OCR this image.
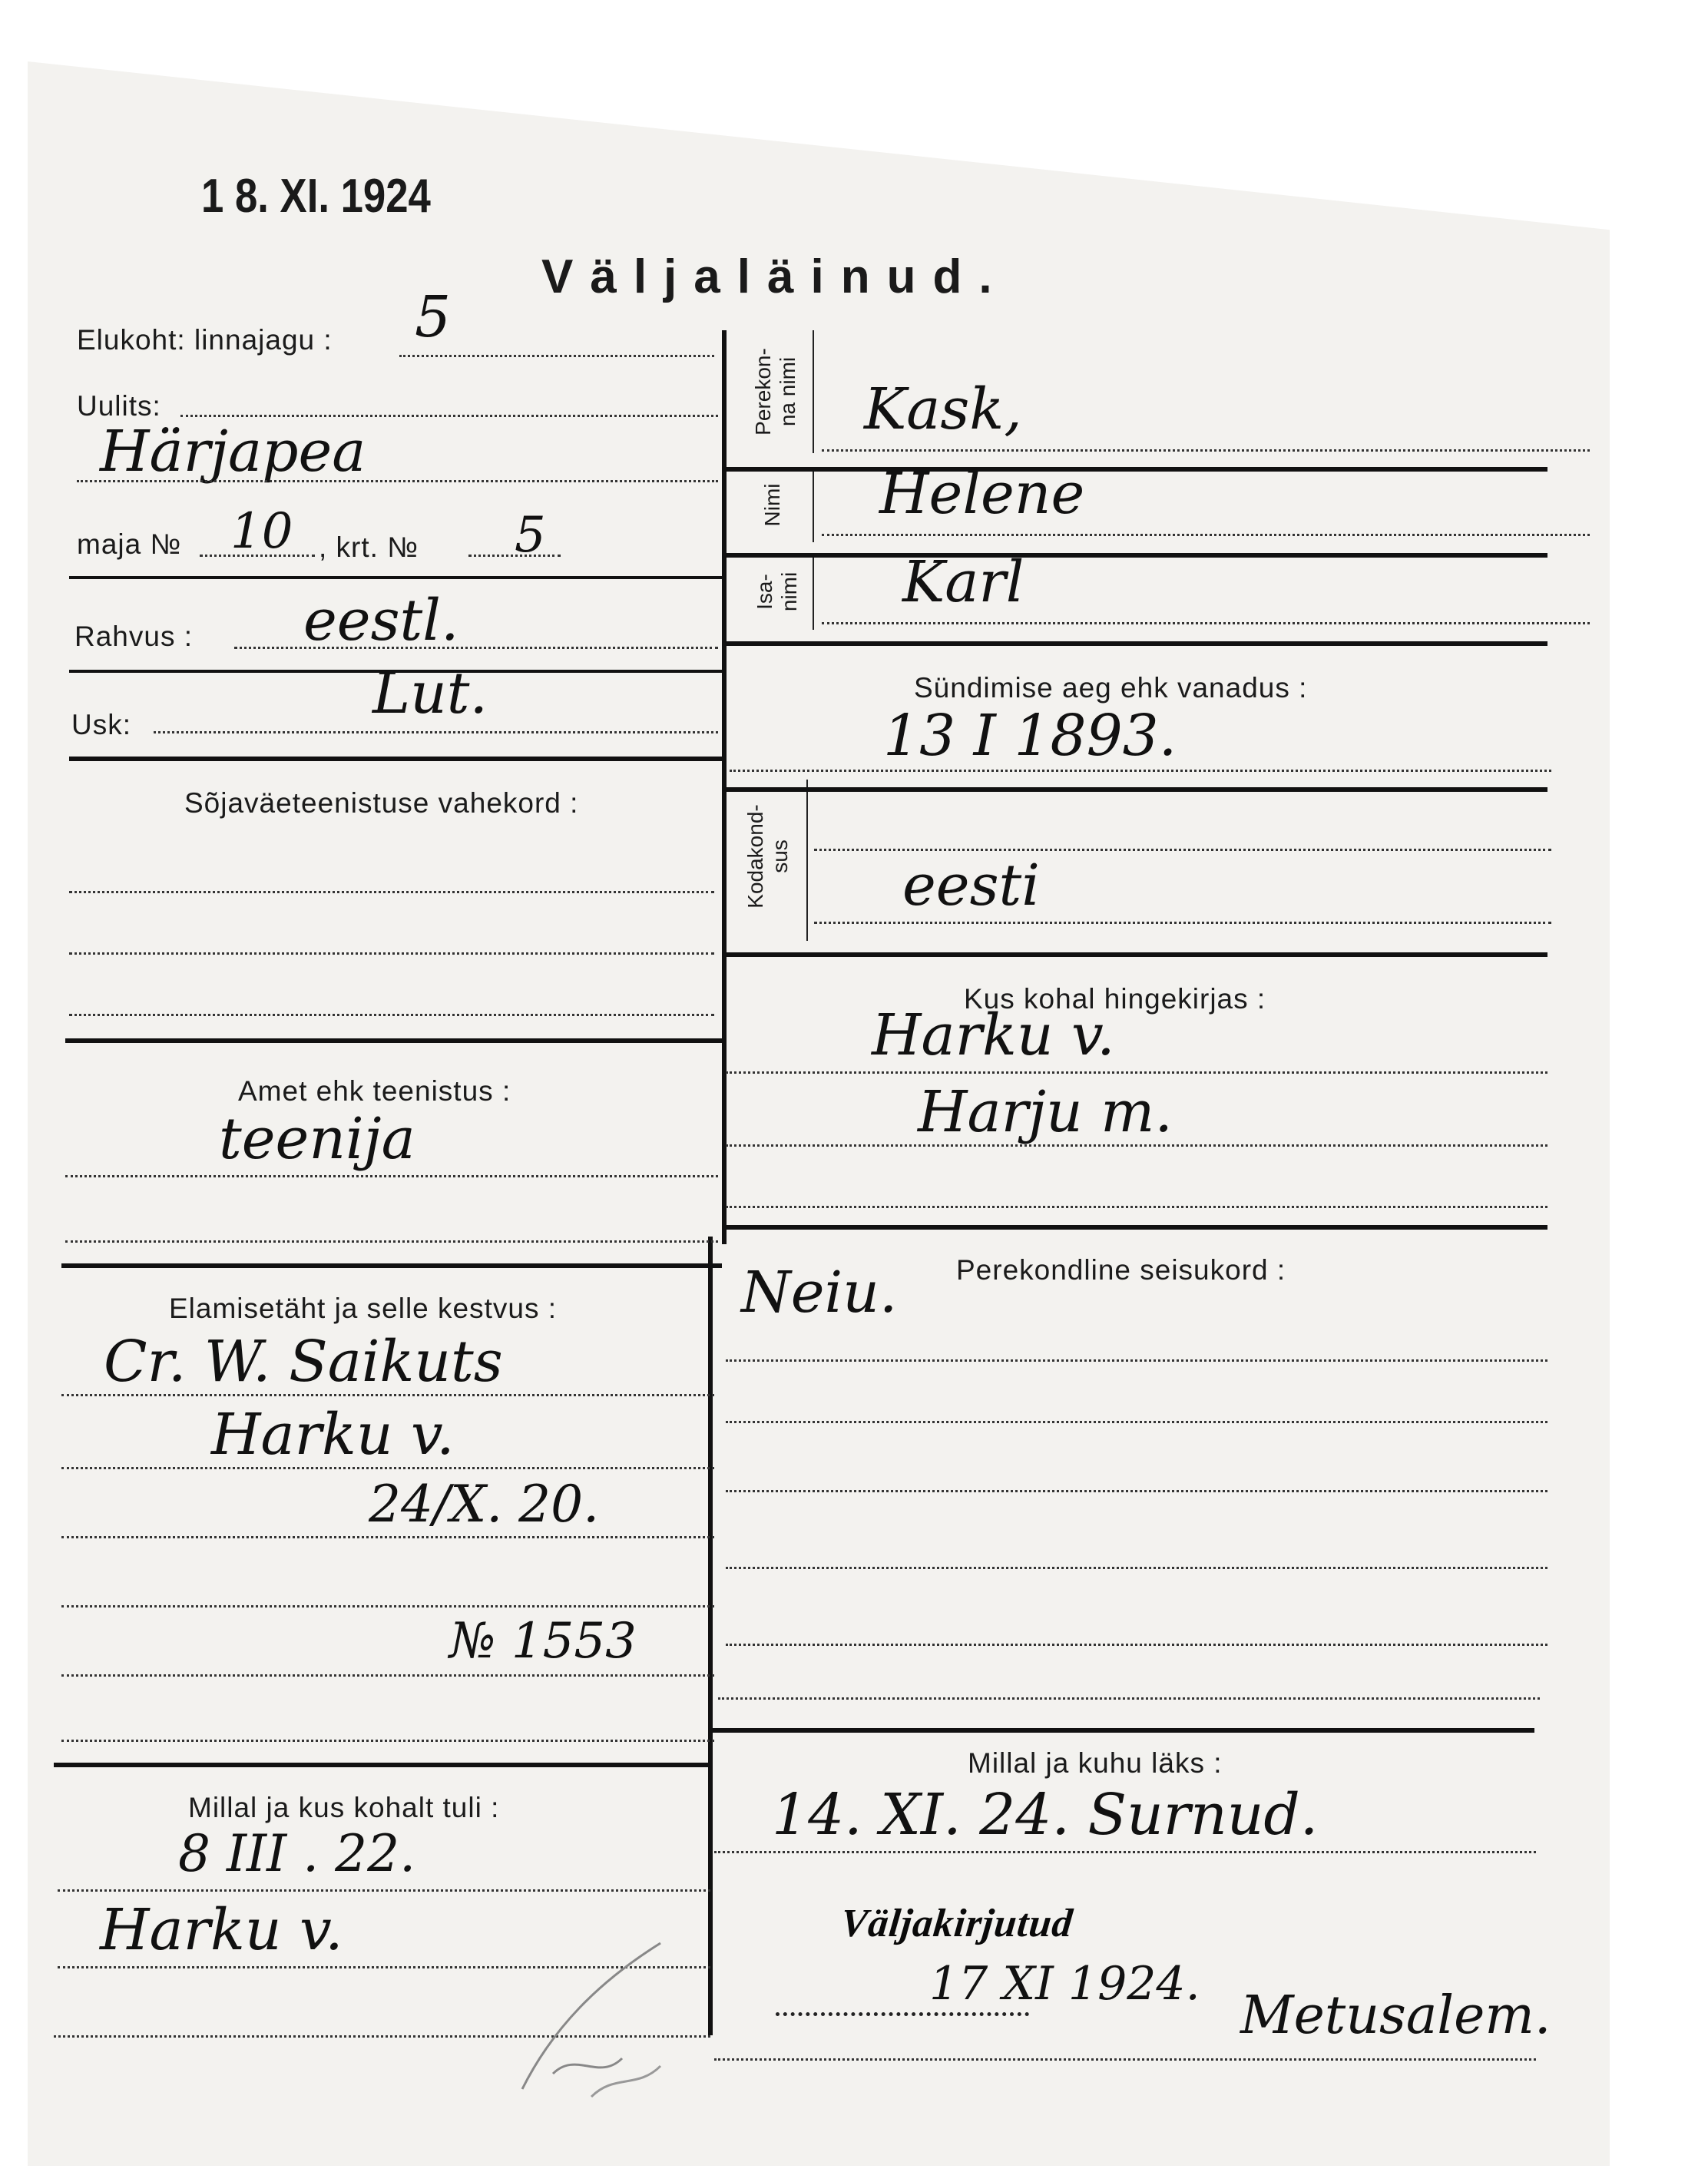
1 8. XI. 1924
Väljaläinud.
Elukoht: linnajagu : 5
Uulits:
Härjapea
maja № 10 , krt. № 5
Rahvus : eestl.
Usk:	Lut.
Sõjaväeteenistuse vahekord :
Amet ehk teenistus :
teenija
Elamisetäht ja selle kestvus :
Cr. W. Saikuts
Harku v.
24/X. 20.
№ 1553
Millal ja kus kohalt tuli :
8 III . 22.
Harku v.
Perekon-
na nimi Kask,
Nimi Helene
Isa-
nimi Karl
Sündimise aeg ehk vanadus :
13 I 1893.
Kodakond-
sus eesti
Kus kohal hingekirjas :
Harku v.
Harju m.
Perekondline seisukord :
Neiu.
Millal ja kuhu läks :
14. XI. 24. Surnud.
Väljakirjutud
17 XI 1924.
Metusalem.
